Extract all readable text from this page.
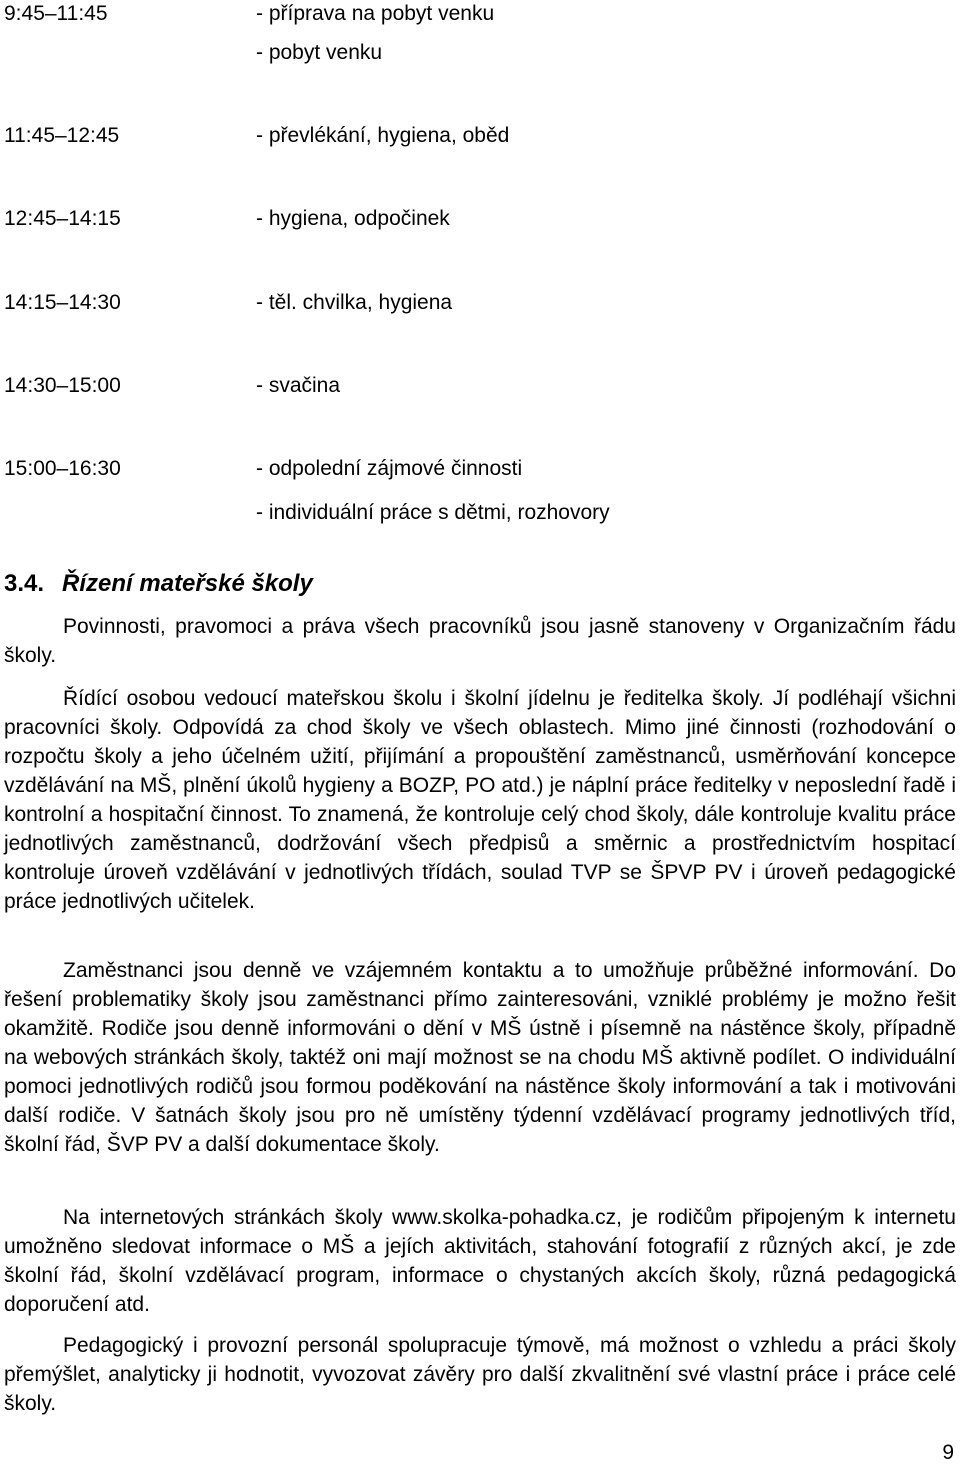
9:45–11:45	- příprava na pobyt venku
- pobyt venku
11:45–12:45	- převlékání, hygiena, oběd
12:45–14:15	- hygiena, odpočinek
14:15–14:30	- těl. chvilka, hygiena
14:30–15:00	- svačina
15:00–16:30	- odpolední zájmové činnosti
- individuální práce s dětmi, rozhovory
3.4. Řízení mateřské školy

Povinnosti, pravomoci a práva všech pracovníků jsou jasně stanoveny v Organizačním řádu školy.

Řídící osobou vedoucí mateřskou školu i školní jídelnu je ředitelka školy. Jí podléhají všichni pracovníci školy. Odpovídá za chod školy ve všech oblastech. Mimo jiné činnosti (rozhodování o rozpočtu školy a jeho účelném užití, přijímání a propouštění zaměstnanců, usměrňování koncepce vzdělávání na MŠ, plnění úkolů hygieny a BOZP, PO atd.) je náplní práce ředitelky v neposlední řadě i kontrolní a hospitační činnost. To znamená, že kontroluje celý chod školy, dále kontroluje kvalitu práce jednotlivých zaměstnanců, dodržování všech předpisů a směrnic a prostřednictvím hospitací kontroluje úroveň vzdělávání v jednotlivých třídách, soulad TVP se ŠPVP PV i úroveň pedagogické práce jednotlivých učitelek.

Zaměstnanci jsou denně ve vzájemném kontaktu a to umožňuje průběžné informování. Do řešení problematiky školy jsou zaměstnanci přímo zainteresováni, vzniklé problémy je možno řešit okamžitě. Rodiče jsou denně informováni o dění v MŠ ústně i písemně na nástěnce školy, případně na webových stránkách školy, taktéž oni mají možnost se na chodu MŠ aktivně podílet. O individuální pomoci jednotlivých rodičů jsou formou poděkování na nástěnce školy informování a tak i motivováni další rodiče. V šatnách školy jsou pro ně umístěny týdenní vzdělávací programy jednotlivých tříd, školní řád, ŠVP PV a další dokumentace školy.

Na internetových stránkách školy www.skolka-pohadka.cz, je rodičům připojeným k internetu umožněno sledovat informace o MŠ a jejích aktivitách, stahování fotografií z různých akcí, je zde školní řád, školní vzdělávací program, informace o chystaných akcích školy, různá pedagogická doporučení atd.

Pedagogický i provozní personál spolupracuje týmově, má možnost o vzhledu a práci školy přemýšlet, analyticky ji hodnotit, vyvozovat závěry pro další zkvalitnění své vlastní práce i práce celé školy.

9
